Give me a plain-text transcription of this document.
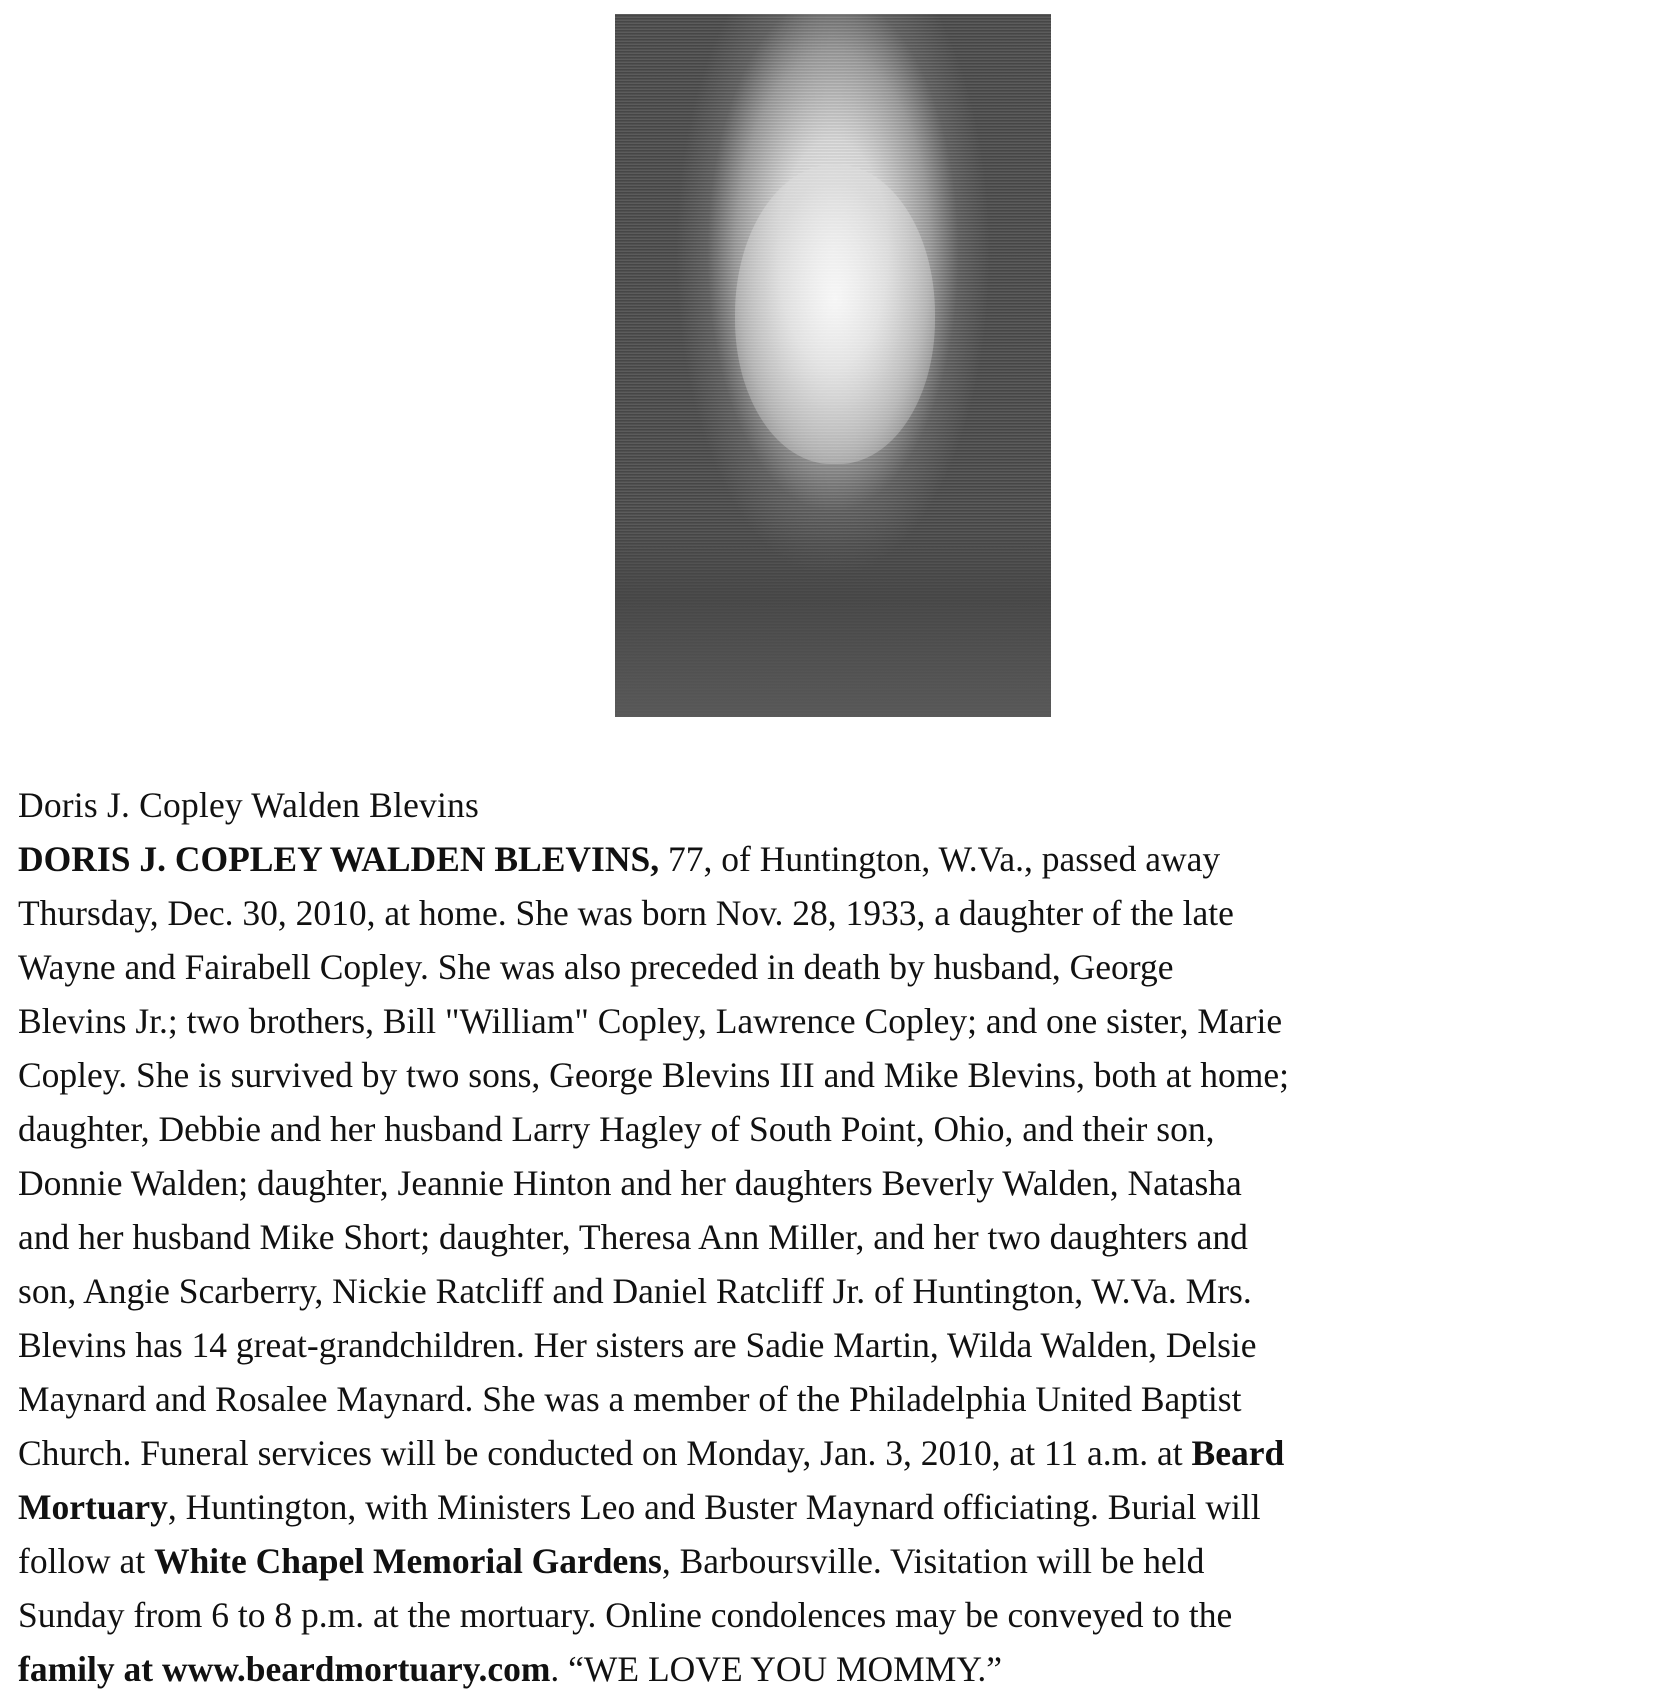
Doris J. Copley Walden Blevins
DORIS J. COPLEY WALDEN BLEVINS, 77, of Huntington, W.Va., passed away
Thursday, Dec. 30, 2010, at home. She was born Nov. 28, 1933, a daughter of the late
Wayne and Fairabell Copley. She was also preceded in death by husband, George
Blevins Jr.; two brothers, Bill "William" Copley, Lawrence Copley; and one sister, Marie
Copley. She is survived by two sons, George Blevins III and Mike Blevins, both at home;
daughter, Debbie and her husband Larry Hagley of South Point, Ohio, and their son,
Donnie Walden; daughter, Jeannie Hinton and her daughters Beverly Walden, Natasha
and her husband Mike Short; daughter, Theresa Ann Miller, and her two daughters and
son, Angie Scarberry, Nickie Ratcliff and Daniel Ratcliff Jr. of Huntington, W.Va. Mrs.
Blevins has 14 great-grandchildren. Her sisters are Sadie Martin, Wilda Walden, Delsie
Maynard and Rosalee Maynard. She was a member of the Philadelphia United Baptist
Church. Funeral services will be conducted on Monday, Jan. 3, 2010, at 11 a.m. at Beard
Mortuary, Huntington, with Ministers Leo and Buster Maynard officiating. Burial will
follow at White Chapel Memorial Gardens, Barboursville. Visitation will be held
Sunday from 6 to 8 p.m. at the mortuary. Online condolences may be conveyed to the
family at www.beardmortuary.com. “WE LOVE YOU MOMMY.”
